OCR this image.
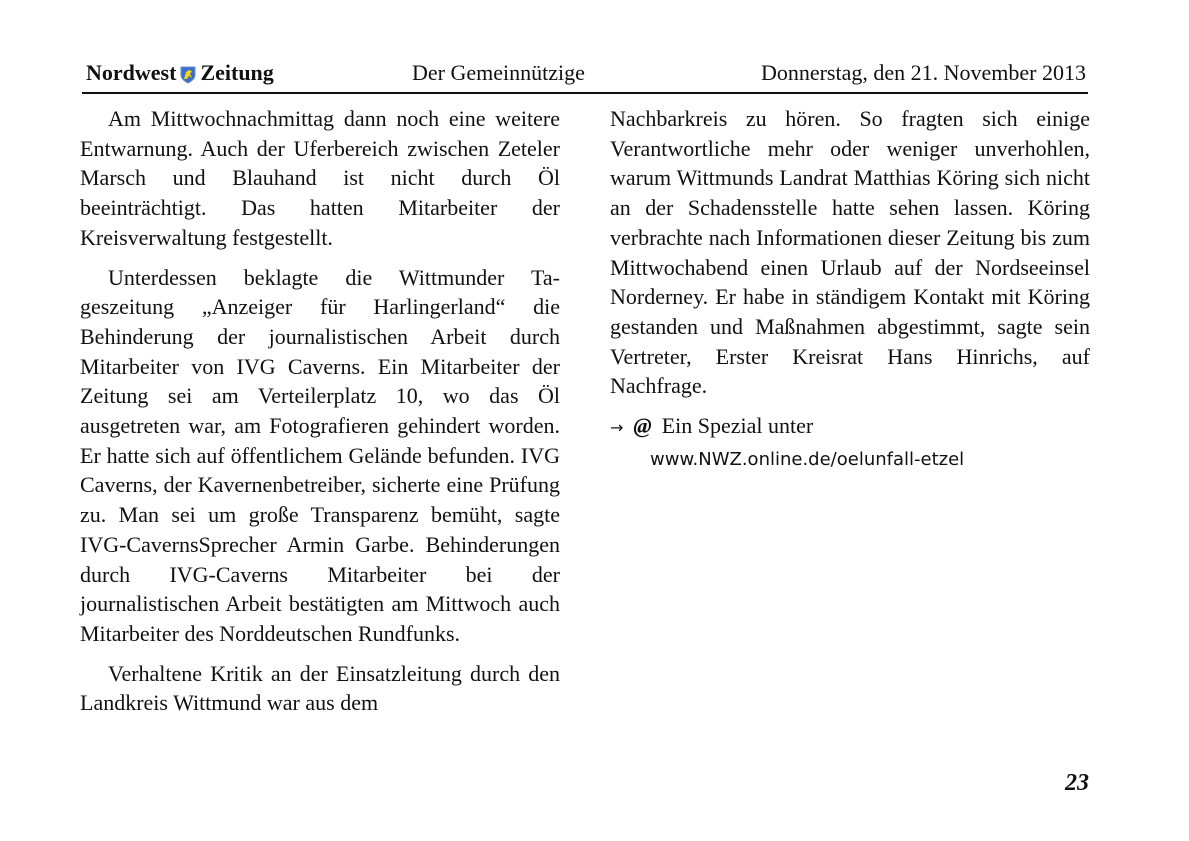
Nordwest Zeitung	Der Gemeinnützige	Donnerstag, den 21. November 2013

Am Mittwochnachmittag dann noch eine weitere Entwarnung. Auch der Uferbereich zwischen Zeteler Marsch und Blauhand ist nicht durch Öl beeinträchtigt. Das hatten Mitarbeiter der Kreisverwaltung festgestellt.

Unterdessen beklagte die Wittmunder Tageszeitung „Anzeiger für Harlingerland“ die Behinderung der journalistischen Arbeit durch Mitarbeiter von IVG Caverns. Ein Mitarbeiter der Zeitung sei am Verteilerplatz 10, wo das Öl ausgetreten war, am Fotografieren gehindert worden. Er hatte sich auf öffentlichem Gelände befunden. IVG Caverns, der Kavernenbetreiber, sicherte eine Prüfung zu. Man sei um große Transparenz bemüht, sagte IVG-CavernsSprecher Armin Garbe. Behinderungen durch IVG-Caverns Mitarbeiter bei der journalistischen Arbeit bestätigten am Mittwoch auch Mitarbeiter des Norddeutschen Rundfunks.

Verhaltene Kritik an der Einsatzleitung durch den Landkreis Wittmund war aus dem

Nachbarkreis zu hören. So fragten sich einige Verantwortliche mehr oder weniger unverhohlen, warum Wittmunds Landrat Matthias Köring sich nicht an der Schadensstelle hatte sehen lassen. Köring verbrachte nach Informationen dieser Zeitung bis zum Mittwochabend einen Urlaub auf der Nordseeinsel Norderney. Er habe in ständigem Kontakt mit Köring gestanden und Maßnahmen abgestimmt, sagte sein Vertreter, Erster Kreisrat Hans Hinrichs, auf Nachfrage.

→ @ Ein Spezial unter
www.NWZ.online.de/oelunfall-etzel
23
